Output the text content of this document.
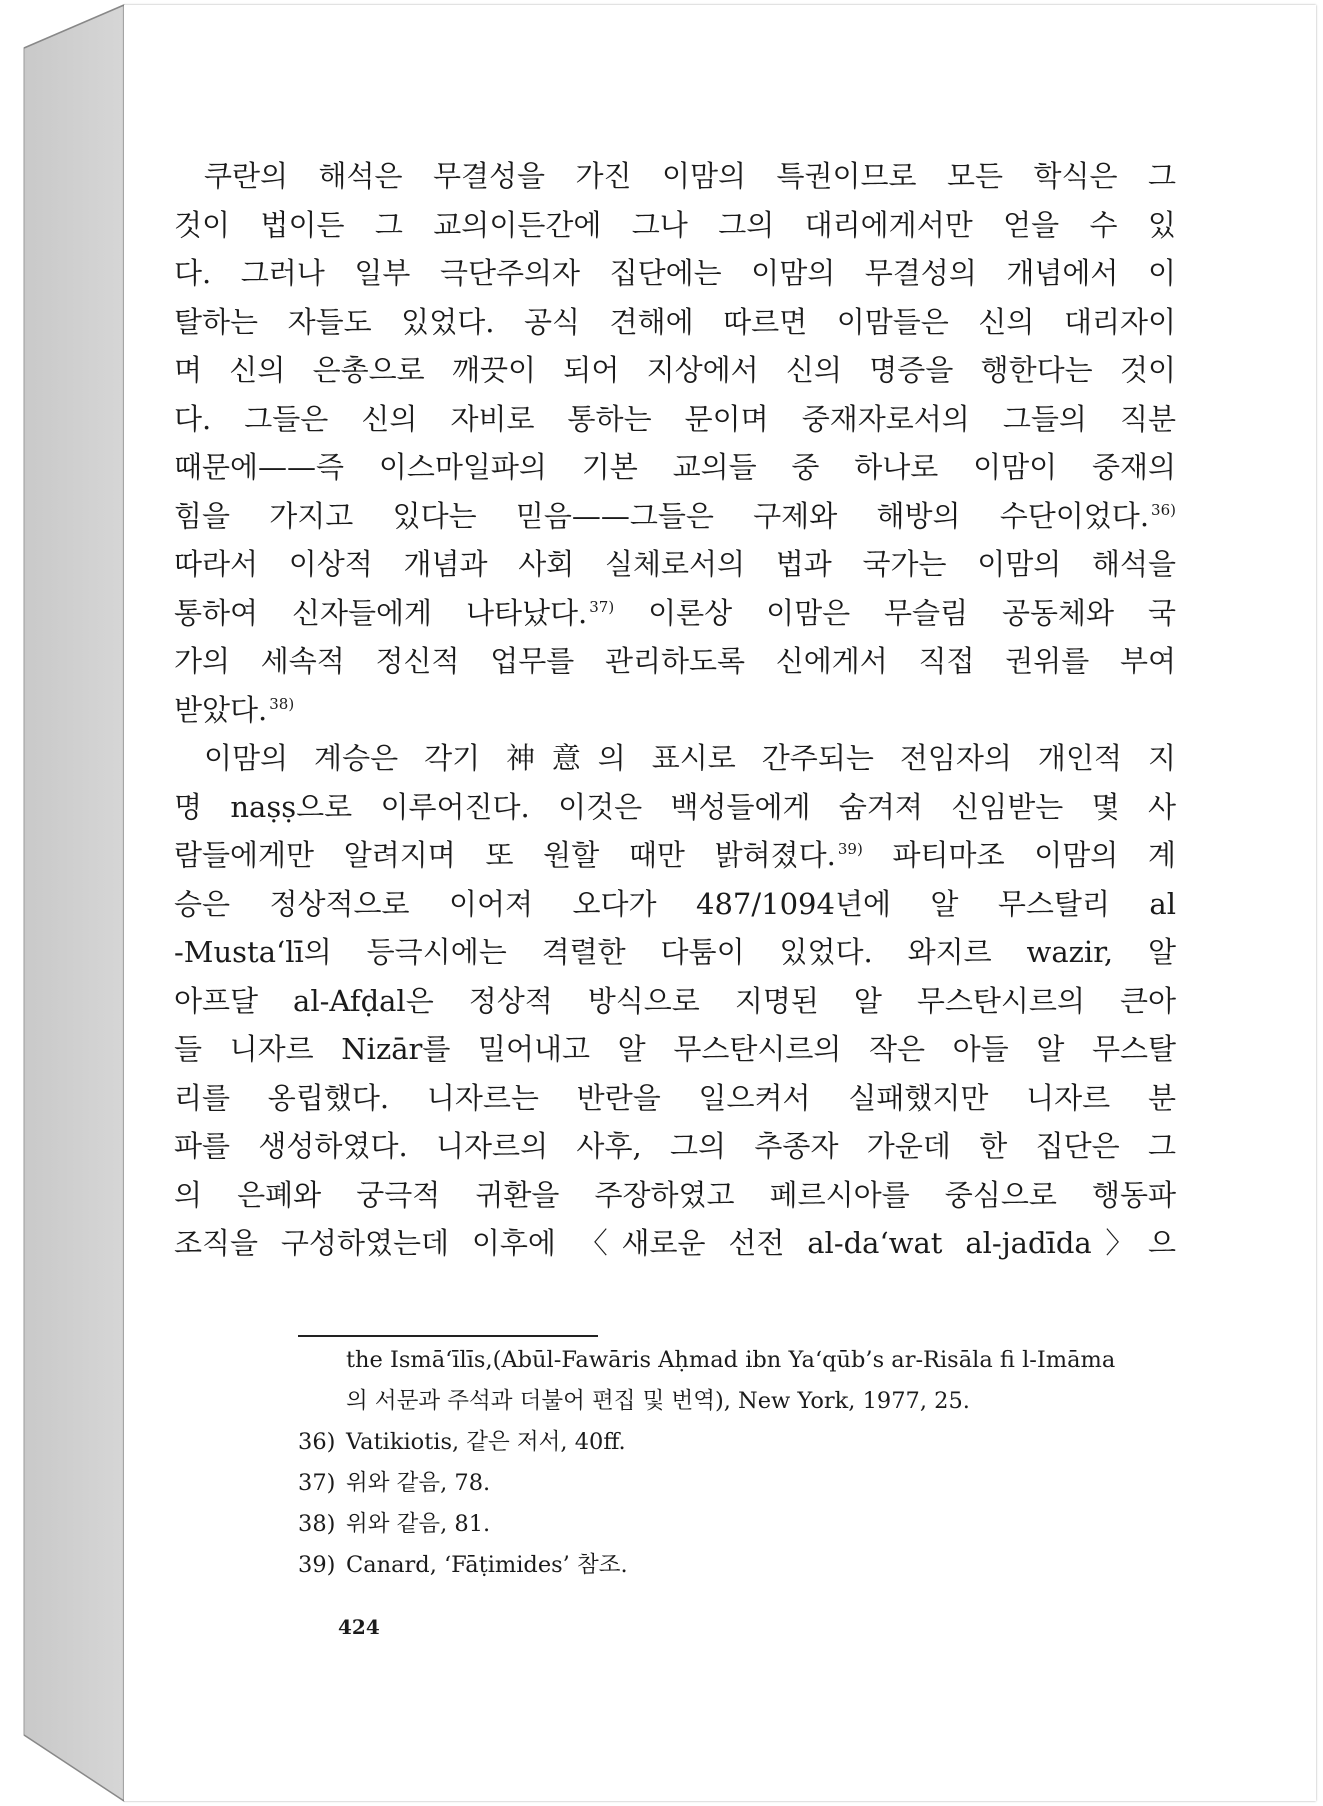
쿠란의 해석은 무결성을 가진 이맘의 특권이므로 모든 학식은 그
것이 법이든 그 교의이든간에 그나 그의 대리에게서만 얻을 수 있
다. 그러나 일부 극단주의자 집단에는 이맘의 무결성의 개념에서 이
탈하는 자들도 있었다. 공식 견해에 따르면 이맘들은 신의 대리자이
며 신의 은총으로 깨끗이 되어 지상에서 신의 명증을 행한다는 것이
다. 그들은 신의 자비로 통하는 문이며 중재자로서의 그들의 직분
때문에——즉 이스마일파의 기본 교의들 중 하나로 이맘이 중재의
힘을 가지고 있다는 믿음——그들은 구제와 해방의 수단이었다. $^{36)}$
따라서 이상적 개념과 사회 실체로서의 법과 국가는 이맘의 해석을
통하여 신자들에게 나타났다. $^{37)}$ 이론상 이맘은 무슬림 공동체와 국
가의 세속적 정신적 업무를 관리하도록 신에게서 직접 권위를 부여
받았다. $^{38)}$
이맘의 계승은 각기 神意의 표시로 간주되는 전임자의 개인적 지
명 naṣṣ으로 이루어진다. 이것은 백성들에게 숨겨져 신임받는 몇 사
람들에게만 알려지며 또 원할 때만 밝혀졌다. $^{39)}$ 파티마조 이맘의 계
승은 정상적으로 이어져 오다가 487/1094년에 알 무스탈리 al
-Musta‘lī의 등극시에는 격렬한 다툼이 있었다. 와지르 wazir, 알
아프달 al-Afḍal은 정상적 방식으로 지명된 알 무스탄시르의 큰아
들 니자르 Nizār를 밀어내고 알 무스탄시르의 작은 아들 알 무스탈
리를 옹립했다. 니자르는 반란을 일으켜서 실패했지만 니자르 분
파를 생성하였다. 니자르의 사후, 그의 추종자 가운데 한 집단은 그
의 은폐와 궁극적 귀환을 주장하였고 페르시아를 중심으로 행동파
조직을 구성하였는데 이후에 〈새로운 선전 al-da‘wat al-jadīda〉으
the Ismā‘īlīs,(Abūl-Fawāris Aḥmad ibn Ya‘qūb’s ar-Risāla fi l-Imāma
의 서문과 주석과 더불어 편집 및 번역), New York, 1977, 25.
36) Vatikiotis, 같은 저서, 40ff.
37) 위와 같음, 78.
38) 위와 같음, 81.
39) Canard, ‘Fāṭimides’ 참조.
424
